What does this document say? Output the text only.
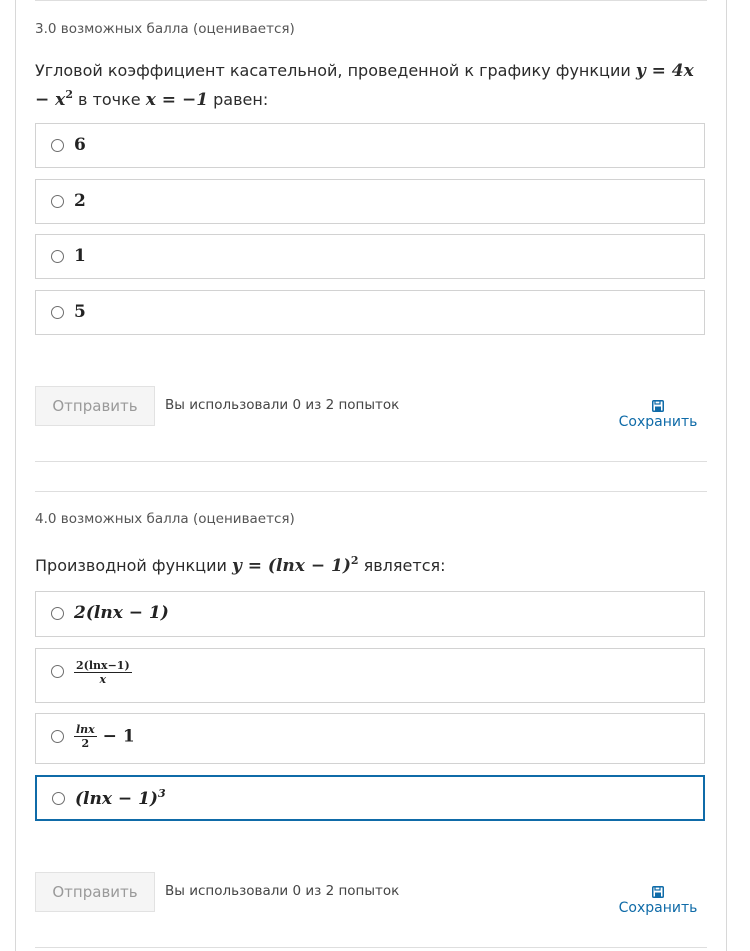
3.0 возможных балла (оценивается)
Угловой коэффициент касательной, проведенной к графику функции $y = 4x - x^2$ в точке x = −1 равен:
6
2
1
5
Отправить	Вы использовали 0 из 2 попыток
Сохранить
4.0 возможных балла (оценивается)
Производной функции $y = (\ln x - 1)^2$ является:
2(lnx − 1)
$\frac{2(\ln x-1)}{x}$
$\frac{\ln x}{2} - 1$
$(\ln x - 1)^3$
Отправить	Вы использовали 0 из 2 попыток
Сохранить
